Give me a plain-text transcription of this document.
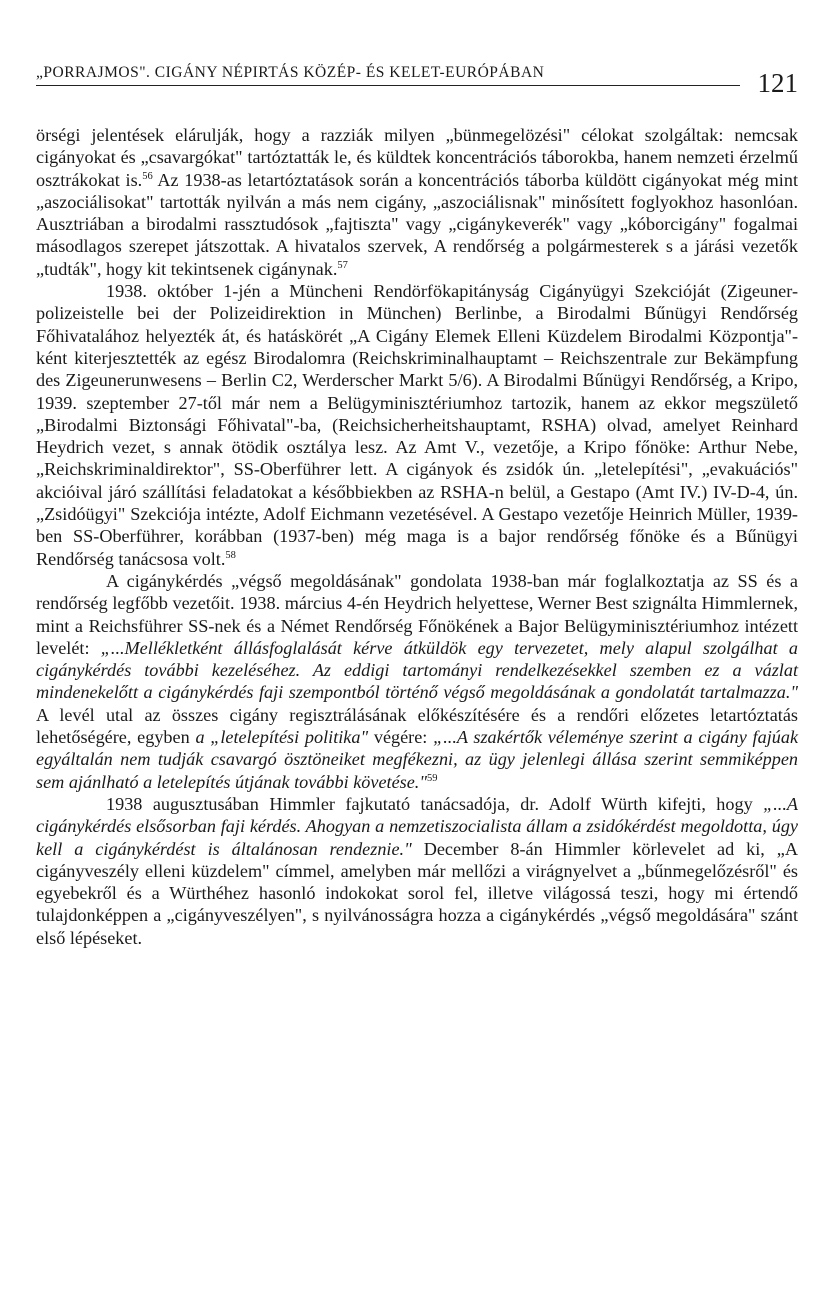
„PORRAJMOS". CIGÁNY NÉPIRTÁS KÖZÉP- ÉS KELET-EURÓPÁBAN	121

örségi jelentések elárulják, hogy a razziák milyen „bünmegelözési" célokat szolgáltak: nemcsak cigányokat és „csavargókat" tartóztatták le, és küldtek koncentrációs táborokba, hanem nemzeti érzelmű osztrákokat is.$^{56}$ Az 1938-as letartóztatások során a koncentrációs táborba küldött cigányokat még mint „aszociálisokat" tartották nyilván a más nem cigány, „aszociálisnak" minősített foglyokhoz hasonlóan. Ausztriában a birodalmi rassztudósok „fajtiszta" vagy „cigánykeverék" vagy „kóborcigány" fogalmai másodlagos szerepet játszottak. A hivatalos szervek, A rendőrség a polgármesterek s a járási vezetők „tudták", hogy kit tekintsenek cigánynak.$^{57}$

1938. október 1-jén a Müncheni Rendörfökapitányság Cigányügyi Szekcióját (Zigeuner-polizeistelle bei der Polizeidirektion in München) Berlinbe, a Birodalmi Bűnügyi Rendőrség Főhivatalához helyezték át, és hatáskörét „A Cigány Elemek Elleni Küzdelem Birodalmi Központja"-ként kiterjesztették az egész Birodalomra (Reichskriminalhauptamt – Reichszentrale zur Bekämpfung des Zigeunerunwesens – Berlin C2, Werderscher Markt 5/6). A Birodalmi Bűnügyi Rendőrség, a Kripo, 1939. szeptember 27-től már nem a Belügyminisztériumhoz tartozik, hanem az ekkor megszülető „Birodalmi Biztonsági Főhivatal"-ba, (Reichsicherheitshauptamt, RSHA) olvad, amelyet Reinhard Heydrich vezet, s annak ötödik osztálya lesz. Az Amt V., vezetője, a Kripo főnöke: Arthur Nebe, „Reichskriminaldirektor", SS-Oberführer lett. A cigányok és zsidók ún. „letelepítési", „evakuációs" akcióival járó szállítási feladatokat a későbbiekben az RSHA-n belül, a Gestapo (Amt IV.) IV-D-4, ún. „Zsidóügyi" Szekciója intézte, Adolf Eichmann vezetésével. A Gestapo vezetője Heinrich Müller, 1939-ben SS-Oberführer, korábban (1937-ben) még maga is a bajor rendőrség főnöke és a Bűnügyi Rendőrség tanácsosa volt.$^{58}$

A cigánykérdés „végső megoldásának" gondolata 1938-ban már foglalkoztatja az SS és a rendőrség legfőbb vezetőit. 1938. március 4-én Heydrich helyettese, Werner Best szignálta Himmlernek, mint a Reichsführer SS-nek és a Német Rendőrség Főnökének a Bajor Belügyminisztériumhoz intézett levelét: „...Mellékletként állásfoglalását kérve átküldök egy tervezetet, mely alapul szolgálhat a cigánykérdés további kezeléséhez. Az eddigi tartományi rendelkezésekkel szemben ez a vázlat mindenekelőtt a cigánykérdés faji szempontból történő végső megoldásának a gondolatát tartalmazza." A levél utal az összes cigány regisztrálásának előkészítésére és a rendőri előzetes letartóztatás lehetőségére, egyben a „letelepítési politika" végére: „...A szakértők véleménye szerint a cigány fajúak egyáltalán nem tudják csavargó ösztöneiket megfékezni, az ügy jelenlegi állása szerint semmiképpen sem ajánlható a letelepítés útjának további követése."$^{59}$

1938 augusztusában Himmler fajkutató tanácsadója, dr. Adolf Würth kifejti, hogy „...A cigánykérdés elsősorban faji kérdés. Ahogyan a nemzetiszocialista állam a zsidókérdést megoldotta, úgy kell a cigánykérdést is általánosan rendeznie." December 8-án Himmler körlevelet ad ki, „A cigányveszély elleni küzdelem" címmel, amelyben már mellőzi a virágnyelvet a „bűnmegelőzésről" és egyebekről és a Würthéhez hasonló indokokat sorol fel, illetve világossá teszi, hogy mi értendő tulajdonképpen a „cigányveszélyen", s nyilvánosságra hozza a cigánykérdés „végső megoldására" szánt első lépéseket.
